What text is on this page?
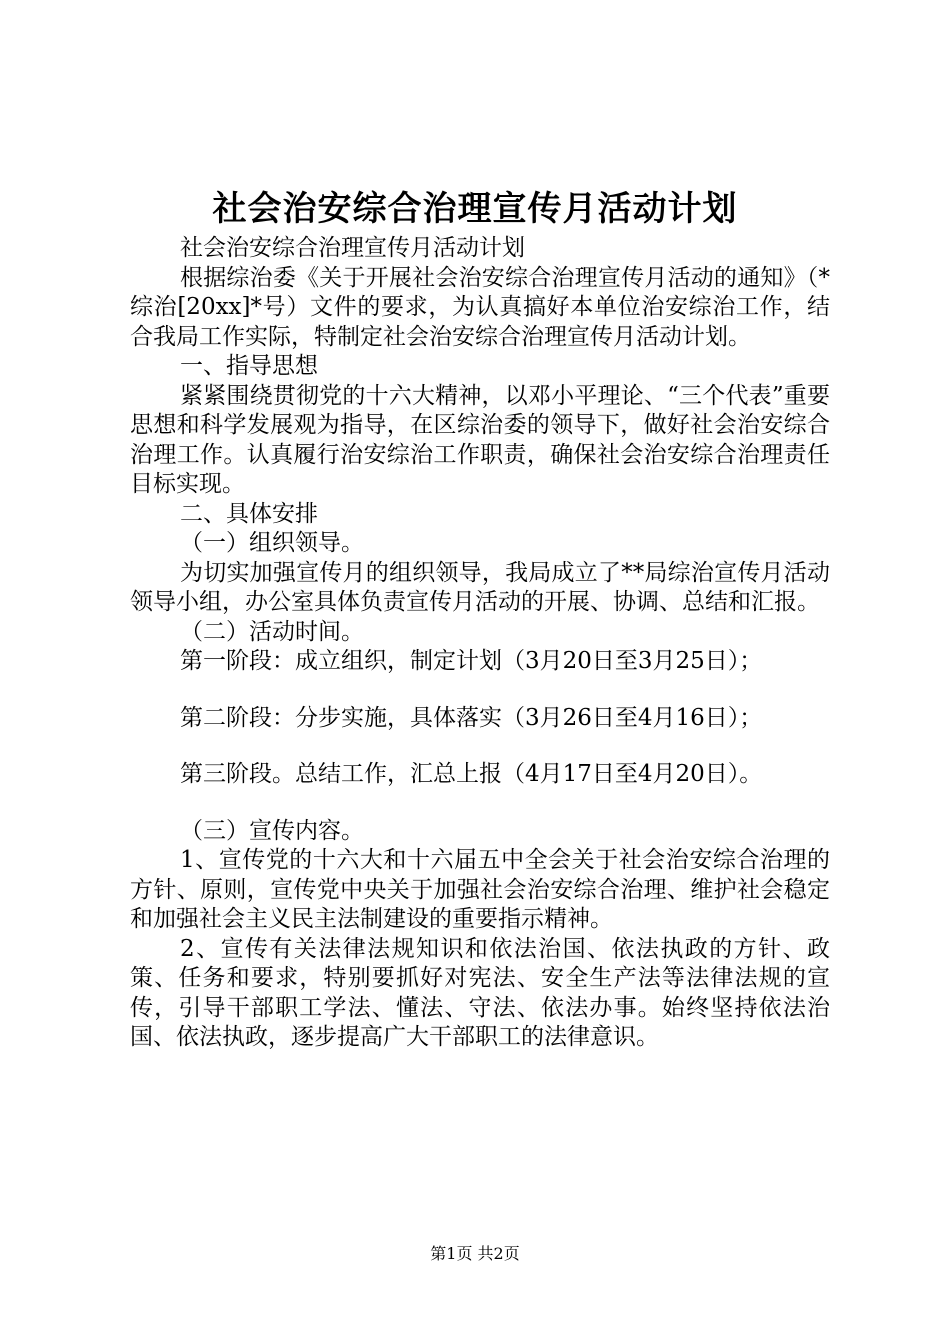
社会治安综合治理宣传月活动计划

社会治安综合治理宣传月活动计划

根据综治委《关于开展社会治安综合治理宣传月活动的通知》（*综治[20xx]*号）文件的要求，为认真搞好本单位治安综治工作，结合我局工作实际，特制定社会治安综合治理宣传月活动计划。

一、指导思想

紧紧围绕贯彻党的十六大精神，以邓小平理论、“三个代表”重要思想和科学发展观为指导，在区综治委的领导下，做好社会治安综合治理工作。认真履行治安综治工作职责，确保社会治安综合治理责任目标实现。

二、具体安排

（一）组织领导。

为切实加强宣传月的组织领导，我局成立了**局综治宣传月活动领导小组，办公室具体负责宣传月活动的开展、协调、总结和汇报。

（二）活动时间。

第一阶段：成立组织，制定计划（3月20日至3月25日）；

第二阶段：分步实施，具体落实（3月26日至4月16日）；

第三阶段。总结工作，汇总上报（4月17日至4月20日）。

（三）宣传内容。

1、宣传党的十六大和十六届五中全会关于社会治安综合治理的方针、原则，宣传党中央关于加强社会治安综合治理、维护社会稳定和加强社会主义民主法制建设的重要指示精神。

2、宣传有关法律法规知识和依法治国、依法执政的方针、政策、任务和要求，特别要抓好对宪法、安全生产法等法律法规的宣传，引导干部职工学法、懂法、守法、依法办事。始终坚持依法治国、依法执政，逐步提高广大干部职工的法律意识。

第1页 共2页
